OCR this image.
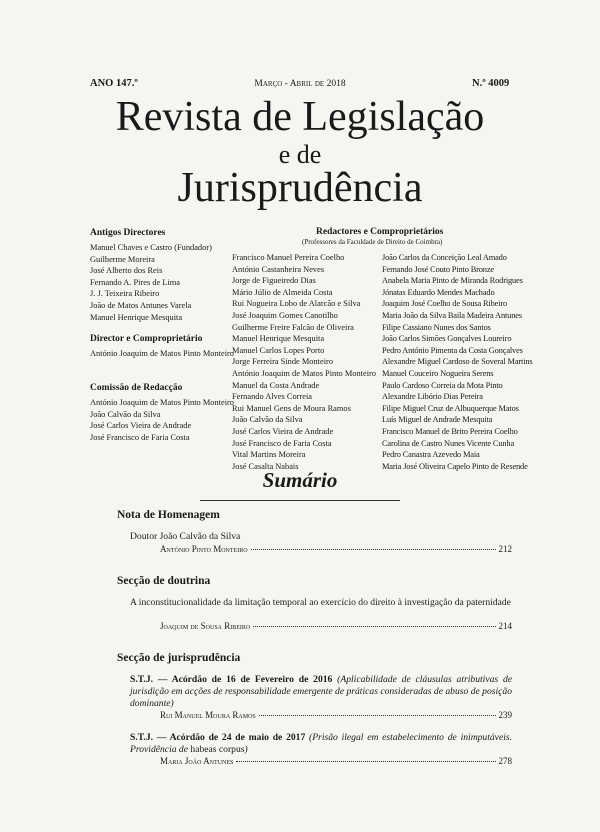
ANO 147.º	Março - Abril de 2018	N.º 4009
Revista de Legislação
e de
Jurisprudência
Antigos Directores
Manuel Chaves e Castro (Fundador)
Guilherme Moreira
José Alberto dos Reis
Fernando A. Pires de Lima
J. J. Teixeira Ribeiro
João de Matos Antunes Varela
Manuel Henrique Mesquita
Director e Comproprietário
António Joaquim de Matos Pinto Monteiro
Comissão de Redacção
António Joaquim de Matos Pinto Monteiro
João Calvão da Silva
José Carlos Vieira de Andrade
José Francisco de Faria Costa
Redactores e Comproprietários
(Professores da Faculdade de Direito de Coimbra)
Francisco Manuel Pereira Coelho
António Castanheira Neves
Jorge de Figueiredo Dias
Mário Júlio de Almeida Costa
Rui Nogueira Lobo de Alarcão e Silva
José Joaquim Gomes Canotilho
Guilherme Freire Falcão de Oliveira
Manuel Henrique Mesquita
Manuel Carlos Lopes Porto
Jorge Ferreira Sinde Monteiro
António Joaquim de Matos Pinto Monteiro
Manuel da Costa Andrade
Fernando Alves Correia
Rui Manuel Gens de Moura Ramos
João Calvão da Silva
José Carlos Vieira de Andrade
José Francisco de Faria Costa
Vital Martins Moreira
José Casalta Nabais
João Carlos da Conceição Leal Amado
Fernando José Couto Pinto Bronze
Anabela Maria Pinto de Miranda Rodrigues
Jónatas Eduardo Mendes Machado
Joaquim José Coelho de Sousa Ribeiro
Maria João da Silva Baila Madeira Antunes
Filipe Cassiano Nunes dos Santos
João Carlos Simões Gonçalves Loureiro
Pedro António Pimenta da Costa Gonçalves
Alexandre Miguel Cardoso de Soveral Martins
Manuel Couceiro Nogueira Serens
Paulo Cardoso Correia da Mota Pinto
Alexandre Libório Dias Pereira
Filipe Miguel Cruz de Albuquerque Matos
Luís Miguel de Andrade Mesquita
Francisco Manuel de Brito Pereira Coelho
Carolina de Castro Nunes Vicente Cunha
Pedro Canastra Azevedo Maia
Maria José Oliveira Capelo Pinto de Resende
Sumário
Nota de Homenagem
Doutor João Calvão da Silva
António Pinto Monteiro	212
Secção de doutrina
A inconstitucionalidade da limitação temporal ao exercício do direito à investigação da paternidade
Joaquim de Sousa Ribeiro	214
Secção de jurisprudência
S.T.J. — Acórdão de 16 de Fevereiro de 2016 (Aplicabilidade de cláusulas atributivas de jurisdição em acções de responsabilidade emergente de práticas consideradas de abuso de posição dominante)
Rui Manuel Moura Ramos	239
S.T.J. — Acórdão de 24 de maio de 2017 (Prisão ilegal em estabelecimento de inimputáveis. Providência de habeas corpus)
Maria João Antunes	278
